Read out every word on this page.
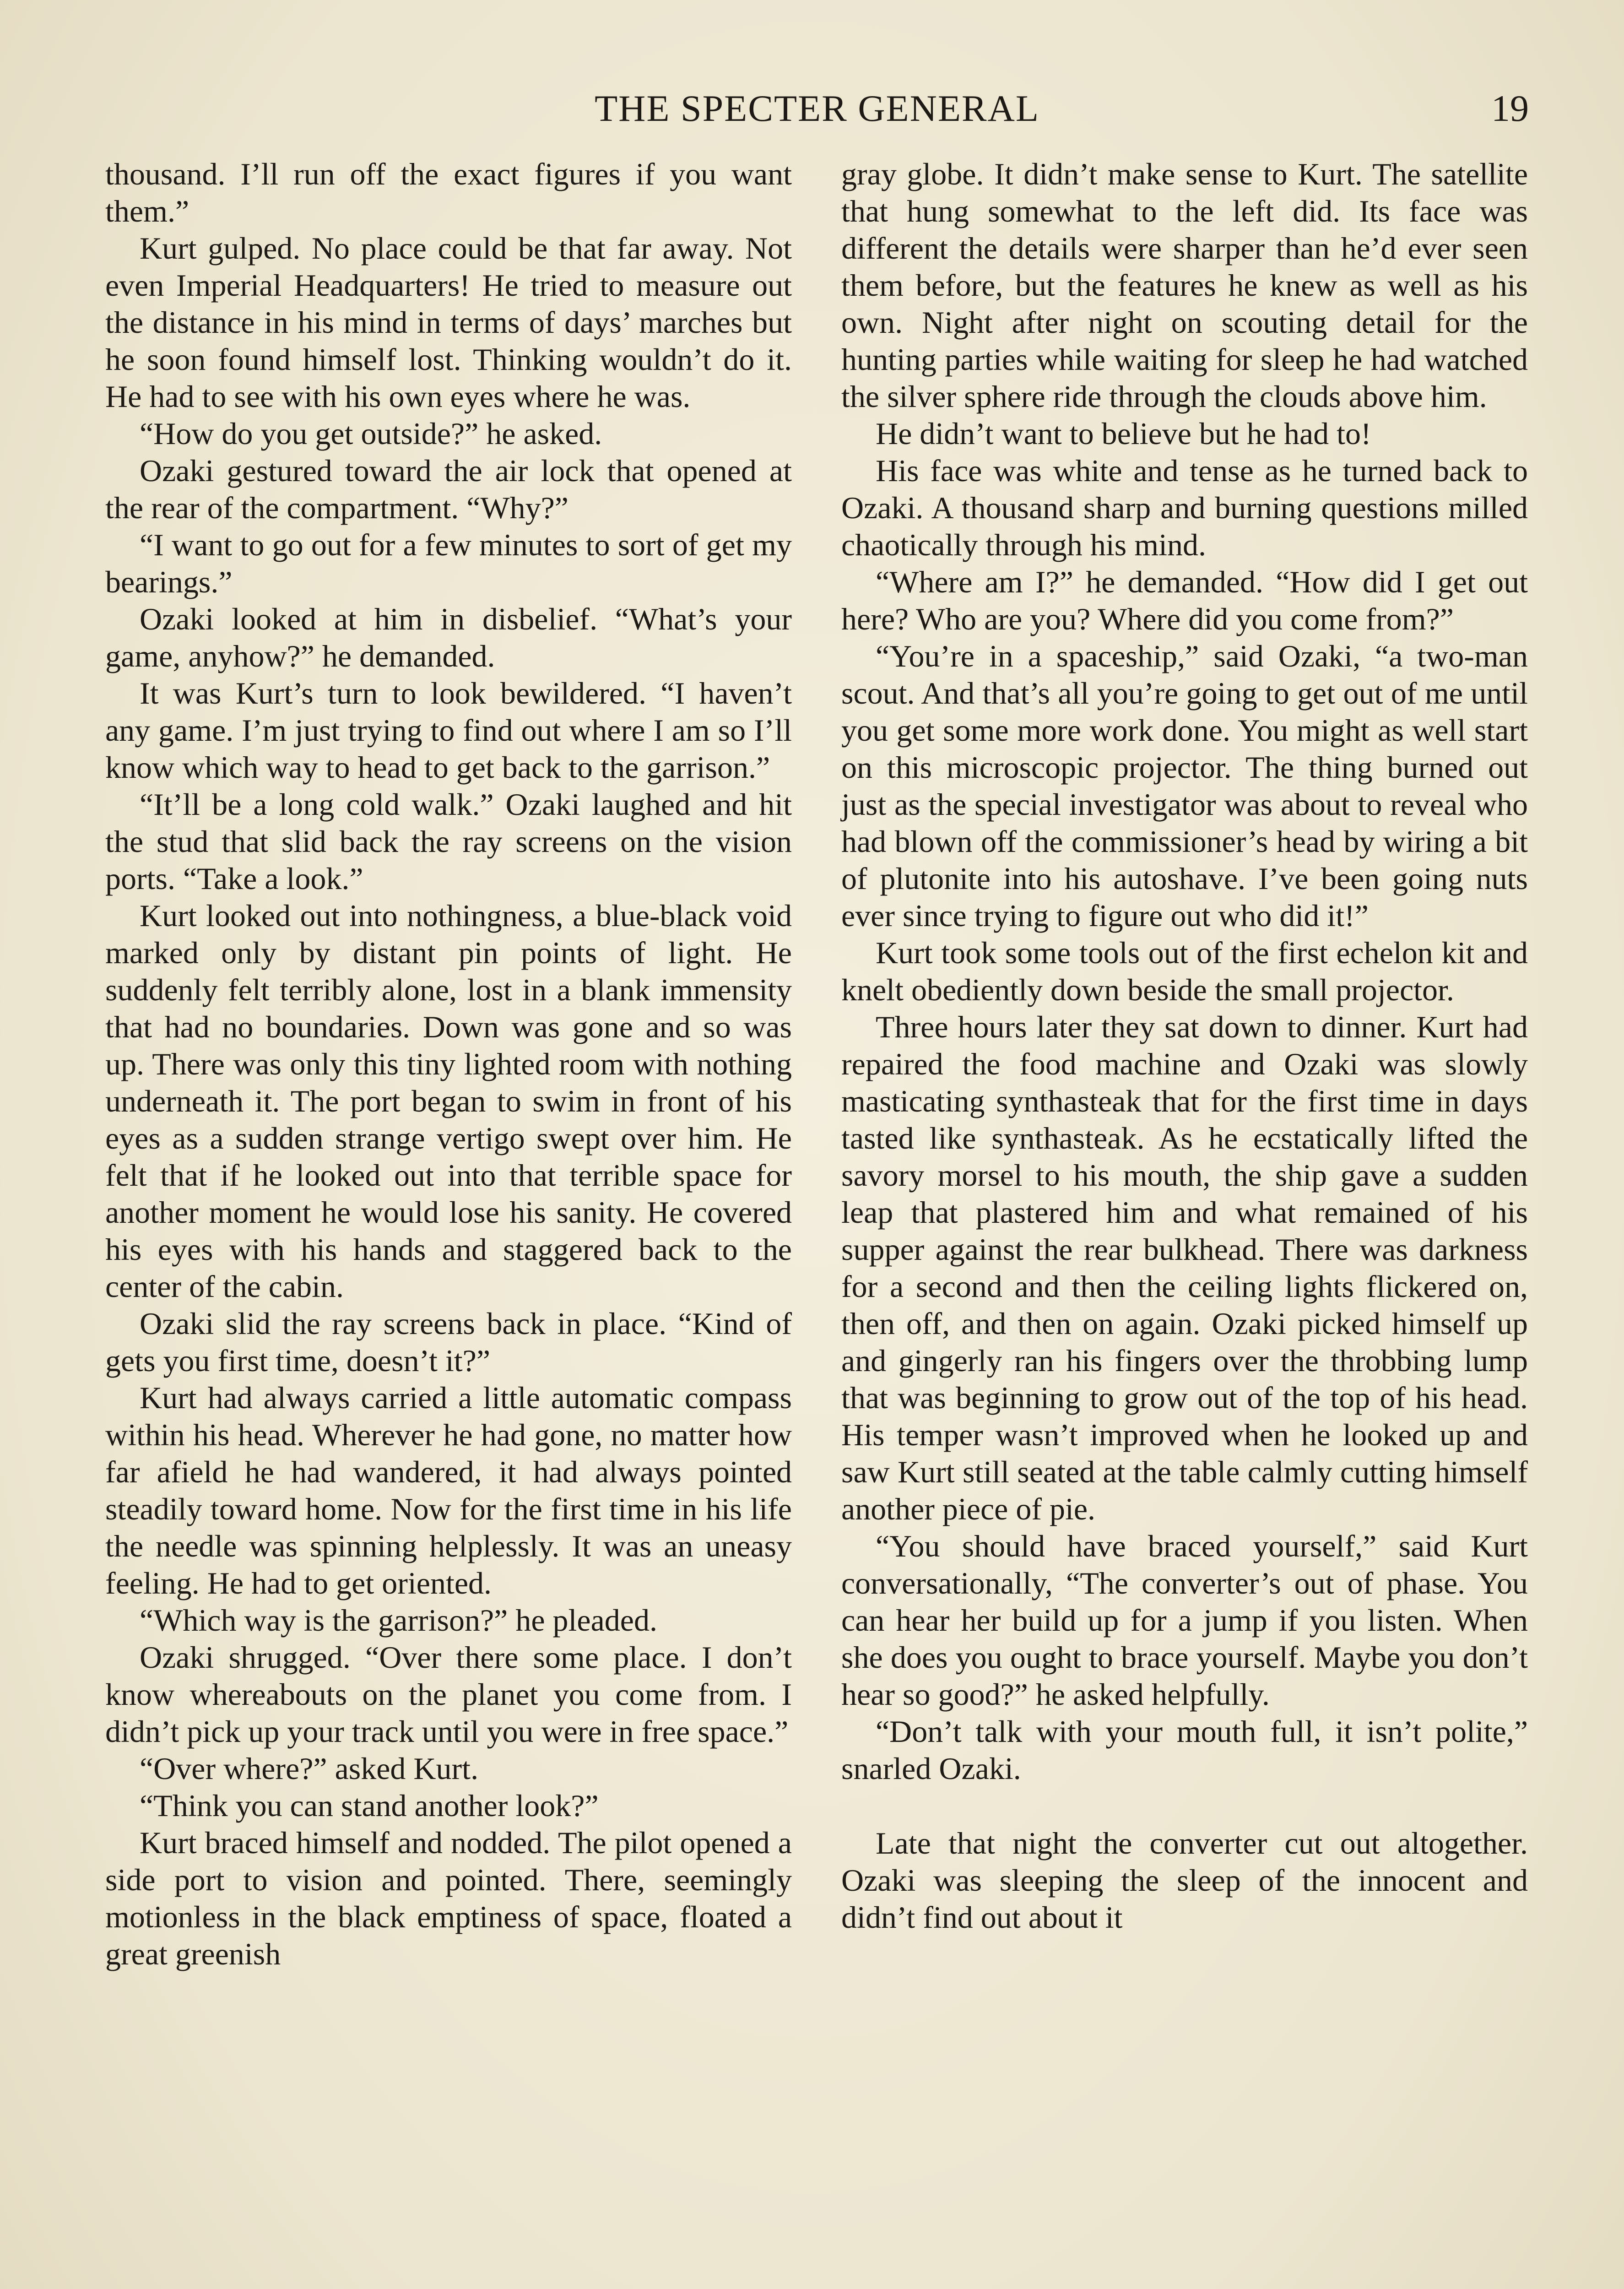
THE SPECTER GENERAL	19

thousand. I’ll run off the exact figures if you want them.”

Kurt gulped. No place could be that far away. Not even Imperial Headquarters! He tried to measure out the distance in his mind in terms of days’ marches but he soon found himself lost. Thinking wouldn’t do it. He had to see with his own eyes where he was.

“How do you get outside?” he asked.

Ozaki gestured toward the air lock that opened at the rear of the compartment. “Why?”

“I want to go out for a few minutes to sort of get my bearings.”

Ozaki looked at him in disbelief. “What’s your game, anyhow?” he demanded.

It was Kurt’s turn to look bewildered. “I haven’t any game. I’m just trying to find out where I am so I’ll know which way to head to get back to the garrison.”

“It’ll be a long cold walk.” Ozaki laughed and hit the stud that slid back the ray screens on the vision ports. “Take a look.”

Kurt looked out into nothingness, a blue-black void marked only by distant pin points of light. He suddenly felt terribly alone, lost in a blank immensity that had no boundaries. Down was gone and so was up. There was only this tiny lighted room with nothing underneath it. The port began to swim in front of his eyes as a sudden strange vertigo swept over him. He felt that if he looked out into that terrible space for another moment he would lose his sanity. He covered his eyes with his hands and staggered back to the center of the cabin.

Ozaki slid the ray screens back in place. “Kind of gets you first time, doesn’t it?”

Kurt had always carried a little automatic compass within his head. Wherever he had gone, no matter how far afield he had wandered, it had always pointed steadily toward home. Now for the first time in his life the needle was spinning helplessly. It was an uneasy feeling. He had to get oriented.

“Which way is the garrison?” he pleaded.

Ozaki shrugged. “Over there some place. I don’t know whereabouts on the planet you come from. I didn’t pick up your track until you were in free space.”

“Over where?” asked Kurt.

“Think you can stand another look?”

Kurt braced himself and nodded. The pilot opened a side port to vision and pointed. There, seemingly motionless in the black emptiness of space, floated a great greenish

gray globe. It didn’t make sense to Kurt. The satellite that hung somewhat to the left did. Its face was different the details were sharper than he’d ever seen them before, but the features he knew as well as his own. Night after night on scouting detail for the hunting parties while waiting for sleep he had watched the silver sphere ride through the clouds above him.

He didn’t want to believe but he had to!

His face was white and tense as he turned back to Ozaki. A thousand sharp and burning questions milled chaotically through his mind.

“Where am I?” he demanded. “How did I get out here? Who are you? Where did you come from?”

“You’re in a spaceship,” said Ozaki, “a two-man scout. And that’s all you’re going to get out of me until you get some more work done. You might as well start on this microscopic projector. The thing burned out just as the special investigator was about to reveal who had blown off the commissioner’s head by wiring a bit of plutonite into his autoshave. I’ve been going nuts ever since trying to figure out who did it!”

Kurt took some tools out of the first echelon kit and knelt obediently down beside the small projector.

Three hours later they sat down to dinner. Kurt had repaired the food machine and Ozaki was slowly masticating synthasteak that for the first time in days tasted like synthasteak. As he ecstatically lifted the savory morsel to his mouth, the ship gave a sudden leap that plastered him and what remained of his supper against the rear bulkhead. There was darkness for a second and then the ceiling lights flickered on, then off, and then on again. Ozaki picked himself up and gingerly ran his fingers over the throbbing lump that was beginning to grow out of the top of his head. His temper wasn’t improved when he looked up and saw Kurt still seated at the table calmly cutting himself another piece of pie.

“You should have braced yourself,” said Kurt conversationally, “The converter’s out of phase. You can hear her build up for a jump if you listen. When she does you ought to brace yourself. Maybe you don’t hear so good?” he asked helpfully.

“Don’t talk with your mouth full, it isn’t polite,” snarled Ozaki.

Late that night the converter cut out altogether. Ozaki was sleeping the sleep of the innocent and didn’t find out about it
